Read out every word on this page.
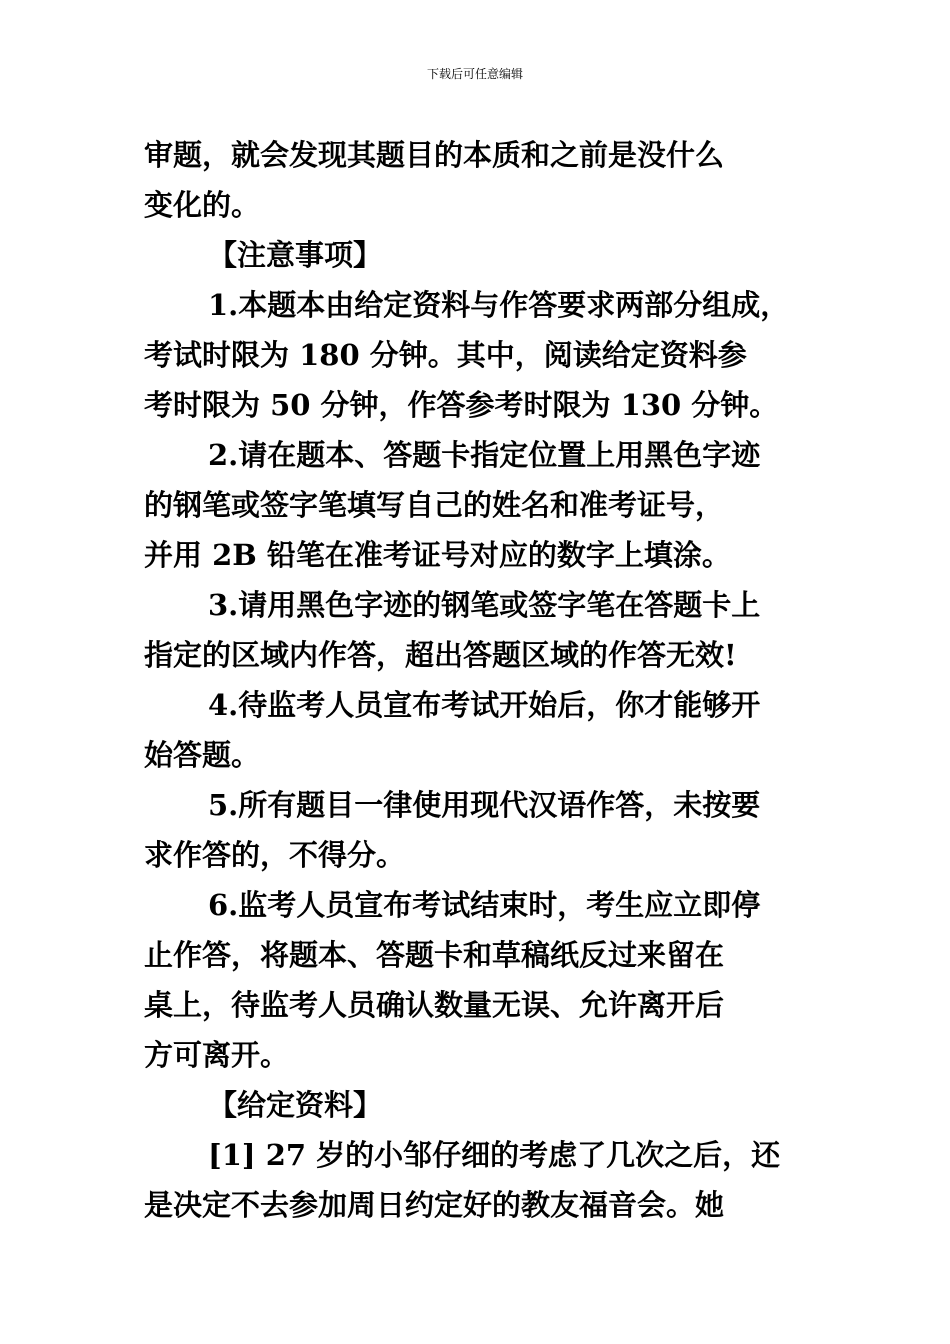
下载后可任意编辑
审题，就会发现其题目的本质和之前是没什么
变化的。
【注意事项】
1.本题本由给定资料与作答要求两部分组成，
考试时限为 180 分钟。其中，阅读给定资料参
考时限为 50 分钟，作答参考时限为 130 分钟。
2.请在题本、答题卡指定位置上用黑色字迹
的钢笔或签字笔填写自己的姓名和准考证号，
并用 2B 铅笔在准考证号对应的数字上填涂。
3.请用黑色字迹的钢笔或签字笔在答题卡上
指定的区域内作答，超出答题区域的作答无效!
4.待监考人员宣布考试开始后，你才能够开
始答题。
5.所有题目一律使用现代汉语作答，未按要
求作答的，不得分。
6.监考人员宣布考试结束时，考生应立即停
止作答，将题本、答题卡和草稿纸反过来留在
桌上，待监考人员确认数量无误、允许离开后
方可离开。
【给定资料】
[1] 27 岁的小邹仔细的考虑了几次之后，还
是决定不去参加周日约定好的教友福音会。她
